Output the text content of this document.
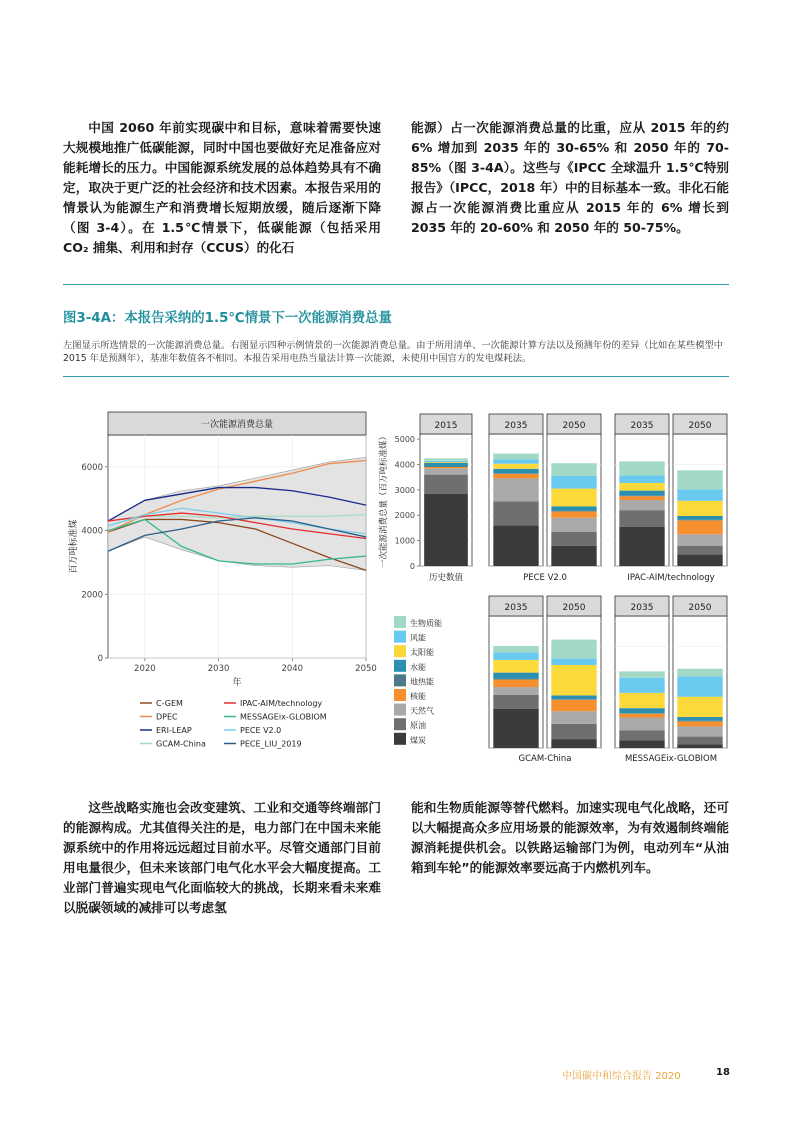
中国 2060 年前实现碳中和目标，意味着需要快速大规模地推广低碳能源，同时中国也要做好充足准备应对能耗增长的压力。中国能源系统发展的总体趋势具有不确定，取决于更广泛的社会经济和技术因素。本报告采用的情景认为能源生产和消费增长短期放缓，随后逐渐下降（图 3-4）。在 1.5℃情景下，低碳能源（包括采用 CO₂ 捕集、利用和封存（CCUS）的化石

能源）占一次能源消费总量的比重，应从 2015 年的约 6% 增加到 2035 年的 30-65% 和 2050 年的 70-85%（图 3-4A）。这些与《IPCC 全球温升 1.5℃特别报告》（IPCC，2018 年）中的目标基本一致。非化石能源占一次能源消费比重应从 2015 年的 6% 增长到 2035 年的 20-60% 和 2050 年的 50-75%。

图3-4A：本报告采纳的1.5℃情景下一次能源消费总量
左图显示所选情景的一次能源消费总量。右图显示四种示例情景的一次能源消费总量。由于所用清单、一次能源计算方法以及预测年份的差异（比如在某些模型中 2015 年是预测年），基准年数值各不相同。本报告采用电热当量法计算一次能源，未使用中国官方的发电煤耗法。
一次能源消费总量
2020	2030	2040	2050
0
2000
4000
6000
年
百万吨标准煤
C-GEM
DPEC
ERI-LEAP
GCAM-China
IPAC-AIM/technology
MESSAGEix-GLOBIOM
PECE V2.0
PECE_LIU_2019
2015
历史数值
2035	2050
PECE V2.0
2035	2050
IPAC-AIM/technology
2035	2050
GCAM-China
2035	2050
MESSAGEix-GLOBIOM
0
1000
2000
3000
4000
5000
一次能源消费总量（百万吨标准煤）
生物质能
风能
太阳能
水能
地热能
核能
天然气
原油
煤炭

这些战略实施也会改变建筑、工业和交通等终端部门的能源构成。尤其值得关注的是，电力部门在中国未来能源系统中的作用将远远超过目前水平。尽管交通部门目前用电量很少，但未来该部门电气化水平会大幅度提高。工业部门普遍实现电气化面临较大的挑战，长期来看未来难以脱碳领域的减排可以考虑氢

能和生物质能源等替代燃料。加速实现电气化战略，还可以大幅提高众多应用场景的能源效率，为有效遏制终端能源消耗提供机会。以铁路运输部门为例，电动列车“从油箱到车轮”的能源效率要远高于内燃机列车。

中国碳中和综合报告 2020	18
